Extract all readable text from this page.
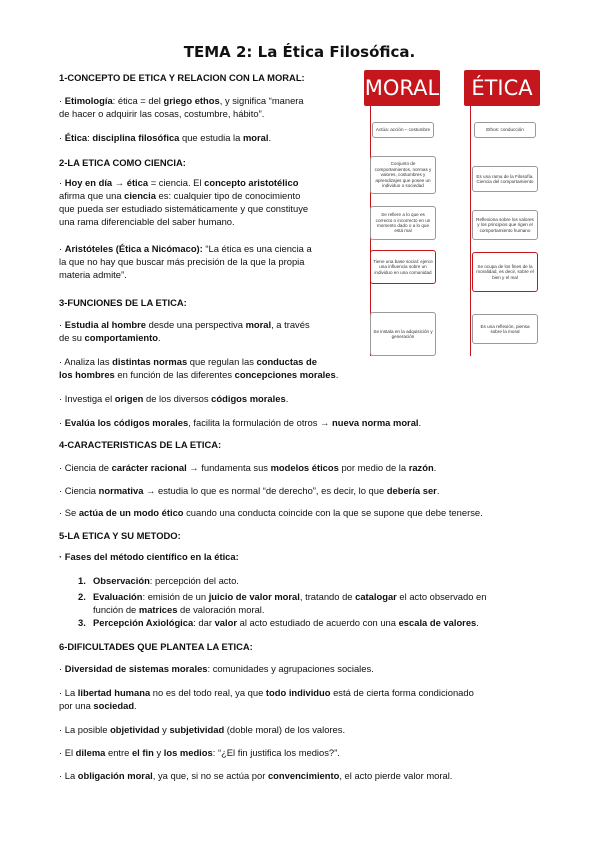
TEMA 2: La Ética Filosófica.

1-CONCEPTO DE ETICA Y RELACION CON LA MORAL:

· Etimología: ética = del griego ethos, y significa “manera
de hacer o adquirir las cosas, costumbre, hábito”.

· Ética: disciplina filosófica que estudia la moral.

2-LA ETICA COMO CIENCIA:

· Hoy en día → ética = ciencia. El concepto aristotélico
afirma que una ciencia es: cualquier tipo de conocimiento
que pueda ser estudiado sistemáticamente y que constituye
una rama diferenciable del saber humano.

· Aristóteles (Ética a Nicómaco): “La ética es una ciencia a
la que no hay que buscar más precisión de la que la propia
materia admite”.

3-FUNCIONES DE LA ETICA:

· Estudia al hombre desde una perspectiva moral, a través
de su comportamiento.

· Analiza las distintas normas que regulan las conductas de
los hombres en función de las diferentes concepciones morales.

· Investiga el origen de los diversos códigos morales.

· Evalúa los códigos morales, facilita la formulación de otros → nueva norma moral.

4-CARACTERISTICAS DE LA ETICA:

· Ciencia de carácter racional → fundamenta sus modelos éticos por medio de la razón.

· Ciencia normativa → estudia lo que es normal “de derecho”, es decir, lo que debería ser.

· Se actúa de un modo ético cuando una conducta coincide con la que se supone que debe tenerse.

5-LA ETICA Y SU METODO:

· Fases del método científico en la ética:

1. Observación: percepción del acto.

2. Evaluación: emisión de un juicio de valor moral, tratando de catalogar el acto observado en
función de matrices de valoración moral.

3. Percepción Axiológica: dar valor al acto estudiado de acuerdo con una escala de valores.

6-DIFICULTADES QUE PLANTEA LA ETICA:

· Diversidad de sistemas morales: comunidades y agrupaciones sociales.

· La libertad humana no es del todo real, ya que todo individuo está de cierta forma condicionado
por una sociedad.

· La posible objetividad y subjetividad (doble moral) de los valores.

· El dilema entre el fin y los medios: “¿El fin justifica los medios?”.

· La obligación moral, ya que, si no se actúa por convencimiento, el acto pierde valor moral.

MORAL	ÉTICA
Actúa: acción – costumbre
Conjunto de comportamientos, normas y valores, costumbres y aprendizajes que posee un individuo o sociedad
Se refiere a lo que es correcto o incorrecto en un momento dado o a lo que está mal
Tiene una base social: ejerce una influencia sobre un individuo en una comunidad
Se instala en la adquisición y generación
Ethos: conducción
Es una rama de la Filosofía. Ciencia del comportamiento
Reflexiona sobre los valores y los principios que rigen el comportamiento humano
Se ocupa de los fines de la moralidad, es decir, sobre el bien y el mal
Es una reflexión, piensa sobre la moral
